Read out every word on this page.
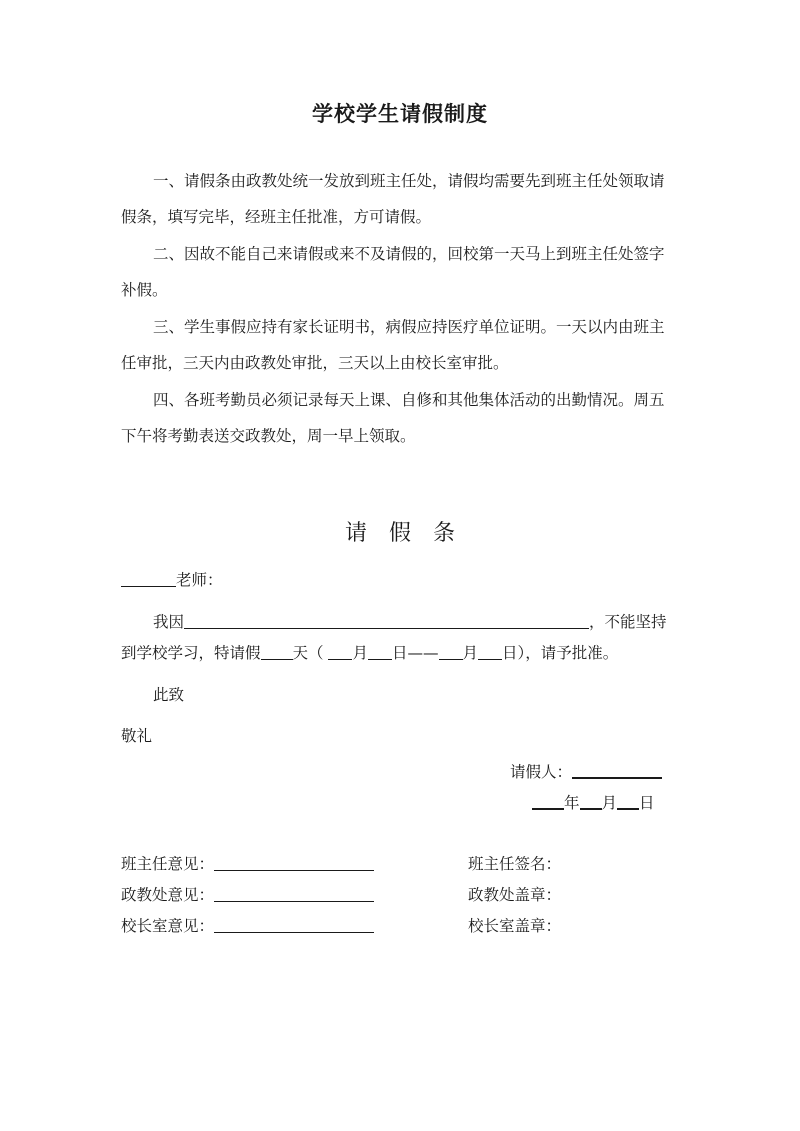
学校学生请假制度
一、请假条由政教处统一发放到班主任处，请假均需要先到班主任处领取请
假条，填写完毕，经班主任批准，方可请假。
二、因故不能自己来请假或来不及请假的，回校第一天马上到班主任处签字
补假。
三、学生事假应持有家长证明书，病假应持医疗单位证明。一天以内由班主
任审批，三天内由政教处审批，三天以上由校长室审批。
四、各班考勤员必须记录每天上课、自修和其他集体活动的出勤情况。周五
下午将考勤表送交政教处，周一早上领取。
请假条
老师：
我因	，不能坚持
到学校学习，特请假 天（ 月 日—— 月 日），请予批准。
此致
敬礼
请假人：
年 月 日
班主任意见：	班主任签名：
政教处意见：	政教处盖章：
校长室意见：	校长室盖章：
